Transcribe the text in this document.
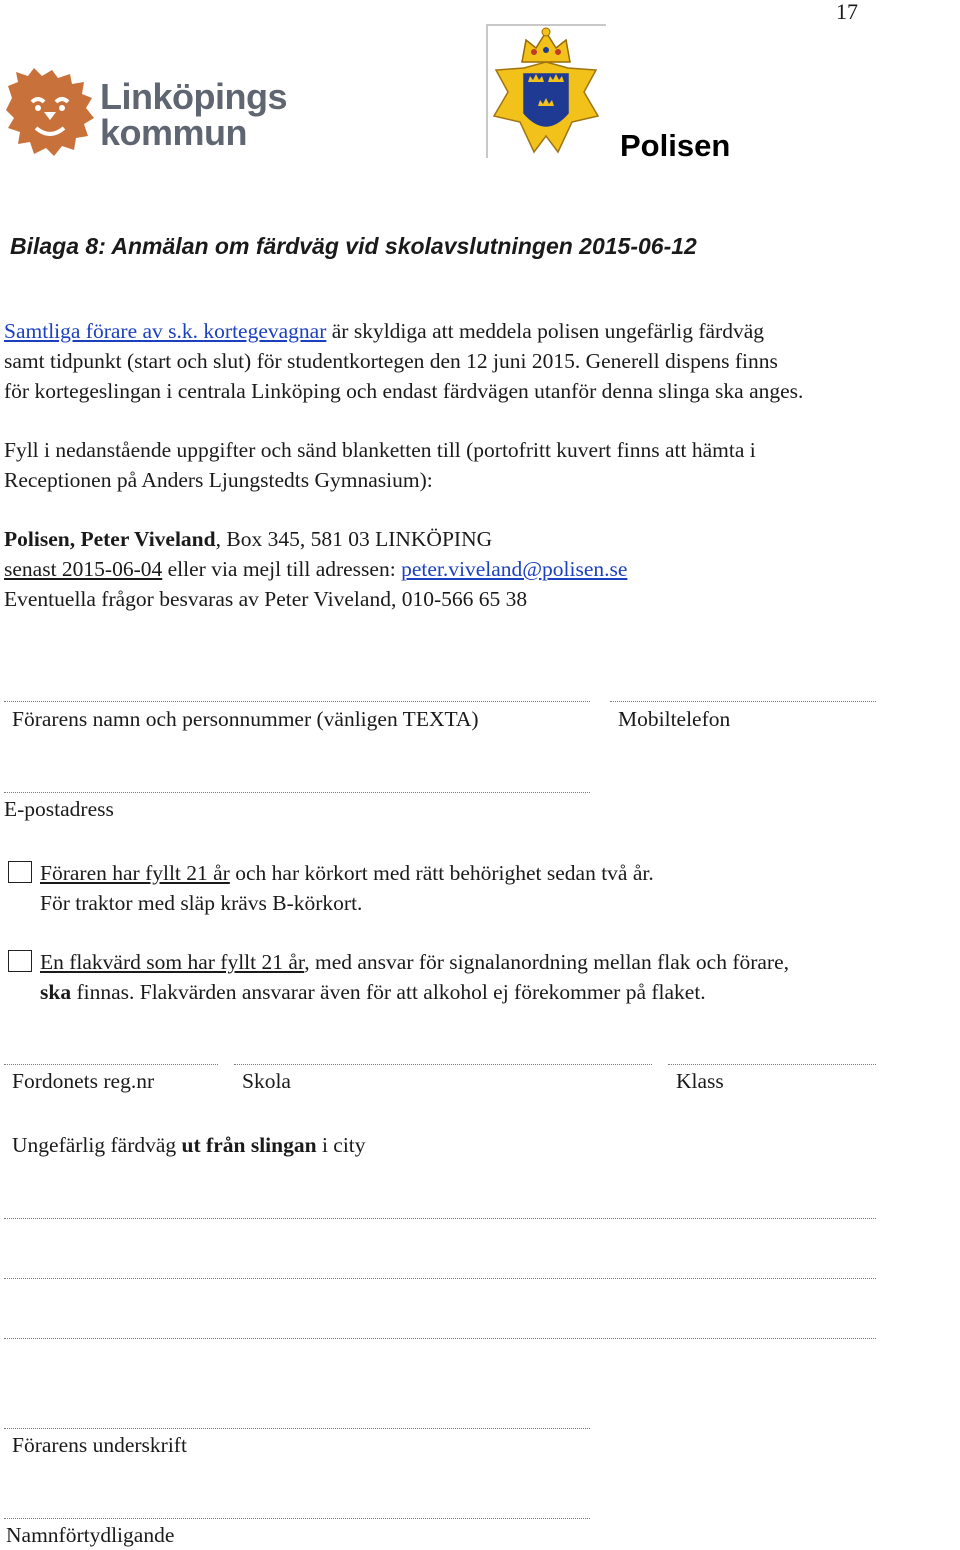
17
Linköpings
kommun	Polisen
Bilaga 8: Anmälan om färdväg vid skolavslutningen 2015-06-12
Samtliga förare av s.k. kortegevagnar är skyldiga att meddela polisen ungefärlig färdväg
samt tidpunkt (start och slut) för studentkortegen den 12 juni 2015. Generell dispens finns
för kortegeslingan i centrala Linköping och endast färdvägen utanför denna slinga ska anges.
Fyll i nedanstående uppgifter och sänd blanketten till (portofritt kuvert finns att hämta i
Receptionen på Anders Ljungstedts Gymnasium):
Polisen, Peter Viveland, Box 345, 581 03 LINKÖPING
senast 2015-06-04 eller via mejl till adressen: peter.viveland@polisen.se
Eventuella frågor besvaras av Peter Viveland, 010-566 65 38
Förarens namn och personnummer (vänligen TEXTA)	Mobiltelefon
E-postadress
Föraren har fyllt 21 år och har körkort med rätt behörighet sedan två år.
För traktor med släp krävs B-körkort.
En flakvärd som har fyllt 21 år, med ansvar för signalanordning mellan flak och förare,
ska finnas. Flakvärden ansvarar även för att alkohol ej förekommer på flaket.
Fordonets reg.nr	Skola	Klass
Ungefärlig färdväg ut från slingan i city
Förarens underskrift
Namnförtydligande
